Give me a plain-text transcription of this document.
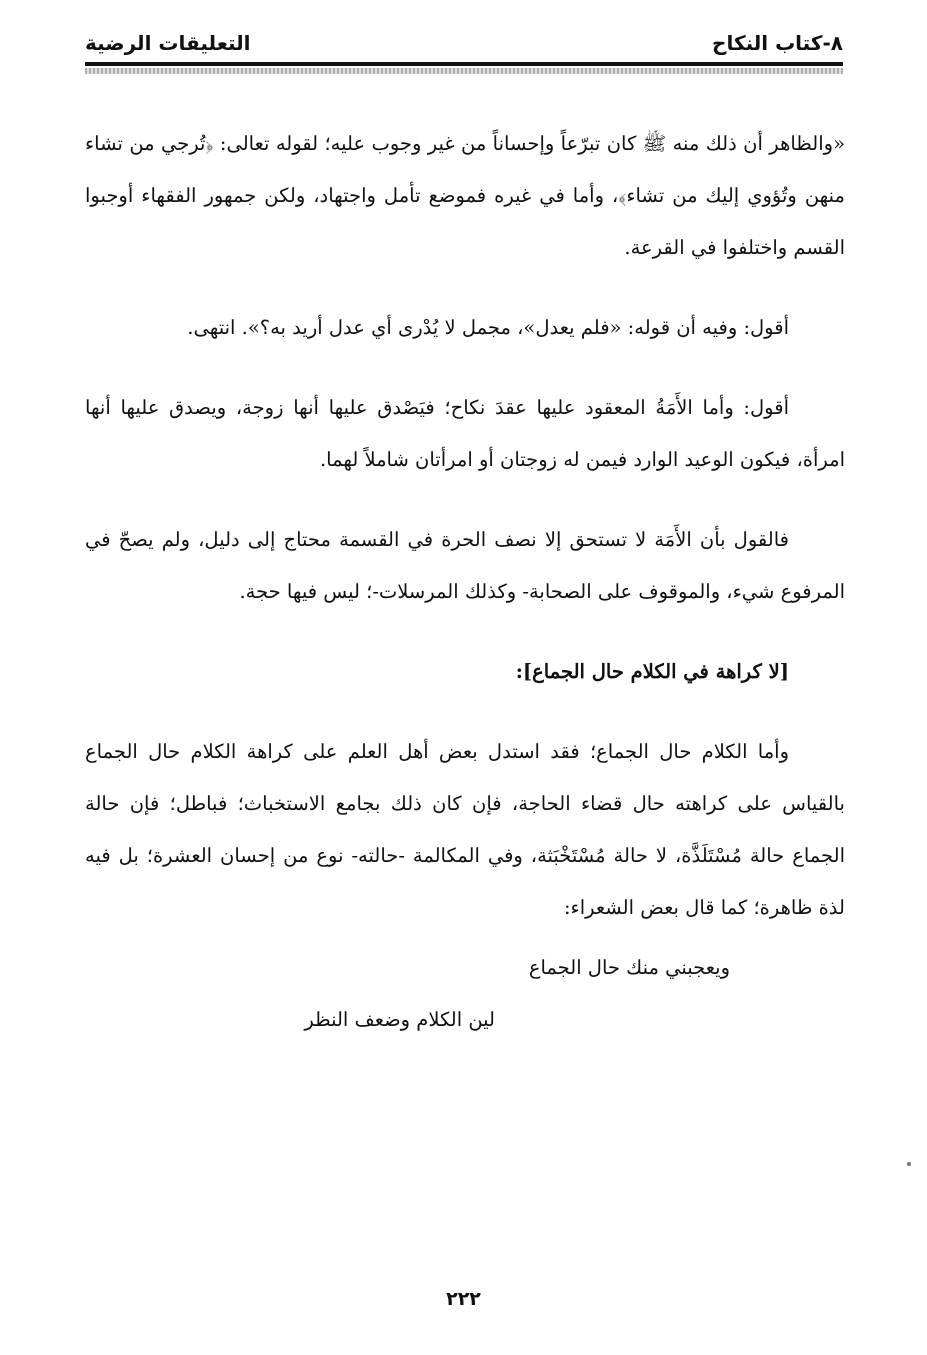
٨-كتاب النكاح
التعليقات الرضية

«والظاهر أن ذلك منه ﷺ كان تبرّعاً وإحساناً من غير وجوب عليه؛ لقوله تعالى: ﴿تُرجي من تشاء منهن وتُؤوي إليك من تشاء﴾، وأما في غيره فموضع تأمل واجتهاد، ولكن جمهور الفقهاء أوجبوا القسم واختلفوا في القرعة.

أقول: وفيه أن قوله: «فلم يعدل»، مجمل لا يُدْرى أي عدل أريد به؟». انتهى.

أقول: وأما الأَمَةُ المعقود عليها عقدَ نكاح؛ فيَصْدق عليها أنها زوجة، ويصدق عليها أنها امرأة، فيكون الوعيد الوارد فيمن له زوجتان أو امرأتان شاملاً لهما.

فالقول بأن الأَمَة لا تستحق إلا نصف الحرة في القسمة محتاج إلى دليل، ولم يصحّ في المرفوع شيء، والموقوف على الصحابة- وكذلك المرسلات-؛ ليس فيها حجة.

[لا كراهة في الكلام حال الجماع]:

وأما الكلام حال الجماع؛ فقد استدل بعض أهل العلم على كراهة الكلام حال الجماع بالقياس على كراهته حال قضاء الحاجة، فإن كان ذلك بجامع الاستخباث؛ فباطل؛ فإن حالة الجماع حالة مُسْتَلَذَّة، لا حالة مُسْتَخْبَثة، وفي المكالمة -حالته- نوع من إحسان العشرة؛ بل فيه لذة ظاهرة؛ كما قال بعض الشعراء:

ويعجبني منك حال الجماع
لين الكلام وضعف النظر
٢٢٢
